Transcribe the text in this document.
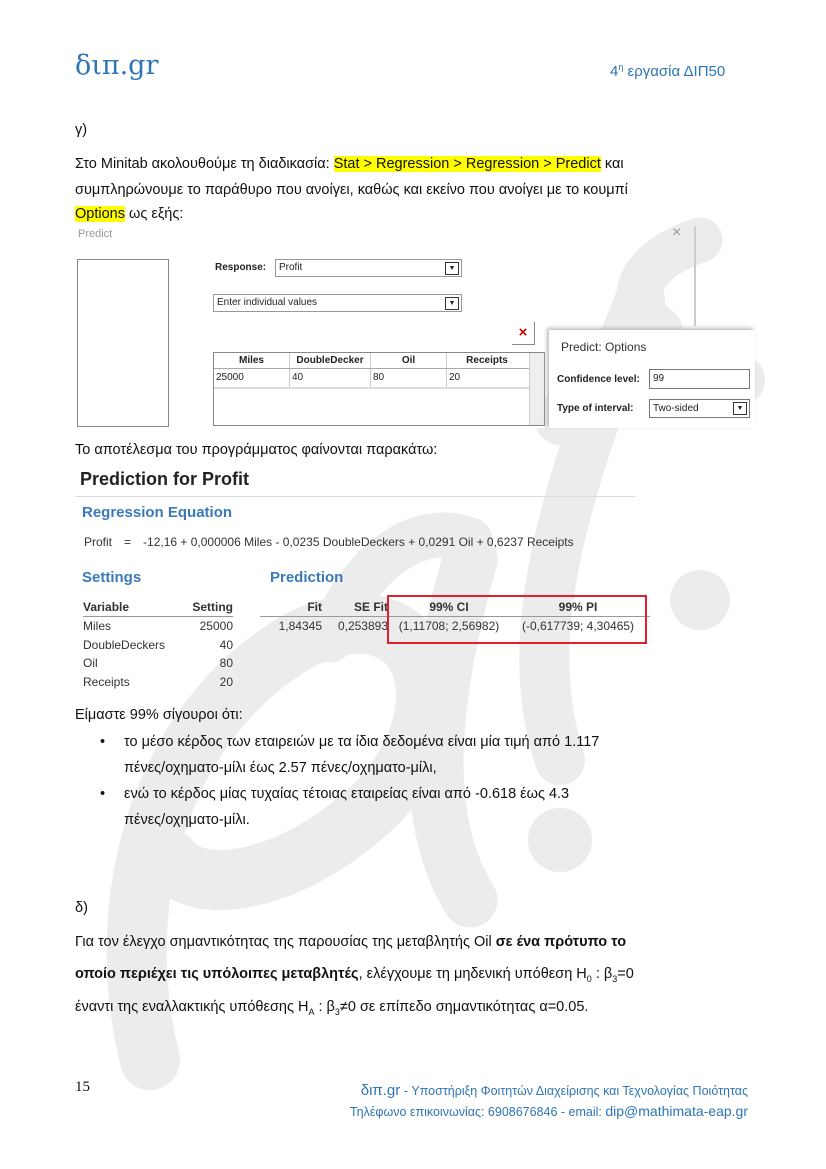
διπ.gr	$4^\eta$ εργασία ΔΙΠ50
γ)
Στο Minitab ακολουθούμε τη διαδικασία: Stat > Regression > Regression > Predict και
συμπληρώνουμε το παράθυρο που ανοίγει, καθώς και εκείνο που ανοίγει με το κουμπί
Options ως εξής:
Predict
Response:	Profit	▼
Enter individual values	▼
×
Miles	DoubleDecker	Oil	Receipts
25000	40	80	20
×
Predict: Options
Confidence level:	99
Type of interval:	Two-sided	▼
Το αποτέλεσμα του προγράμματος φαίνονται παρακάτω:
Prediction for Profit
Regression Equation
Profit = -12,16 + 0,000006 Miles - 0,0235 DoubleDeckers + 0,0291 Oil + 0,6237 Receipts
Settings	Prediction
Variable	Setting
Miles	25000
DoubleDeckers	40
Oil	80
Receipts	20
Fit	SE Fit	99% CI	99% PI
1,84345	0,253893 (1,11708; 2,56982)	(-0,617739; 4,30465)
Είμαστε 99% σίγουροι ότι:
• το μέσο κέρδος των εταιρειών με τα ίδια δεδομένα είναι μία τιμή από 1.117
πένες/οχηματο-μίλι έως 2.57 πένες/οχηματο-μίλι,
• ενώ το κέρδος μίας τυχαίας τέτοιας εταιρείας είναι από -0.618 έως 4.3
πένες/οχηματο-μίλι.
δ)
Για τον έλεγχο σημαντικότητας της παρουσίας της μεταβλητής Oil σε ένα πρότυπο το
οποίο περιέχει τις υπόλοιπες μεταβλητές, ελέγχουμε τη μηδενική υπόθεση $H_0$ : $\beta_3=0$
έναντι της εναλλακτικής υπόθεσης $H_A$ : $\beta_3\ne 0$ σε επίπεδο σημαντικότητας α=0.05.
15	διπ.gr - Υποστήριξη Φοιτητών Διαχείρισης και Τεχνολογίας Ποιότητας
Τηλέφωνο επικοινωνίας: 6908676846 - email: dip@mathimata-eap.gr
